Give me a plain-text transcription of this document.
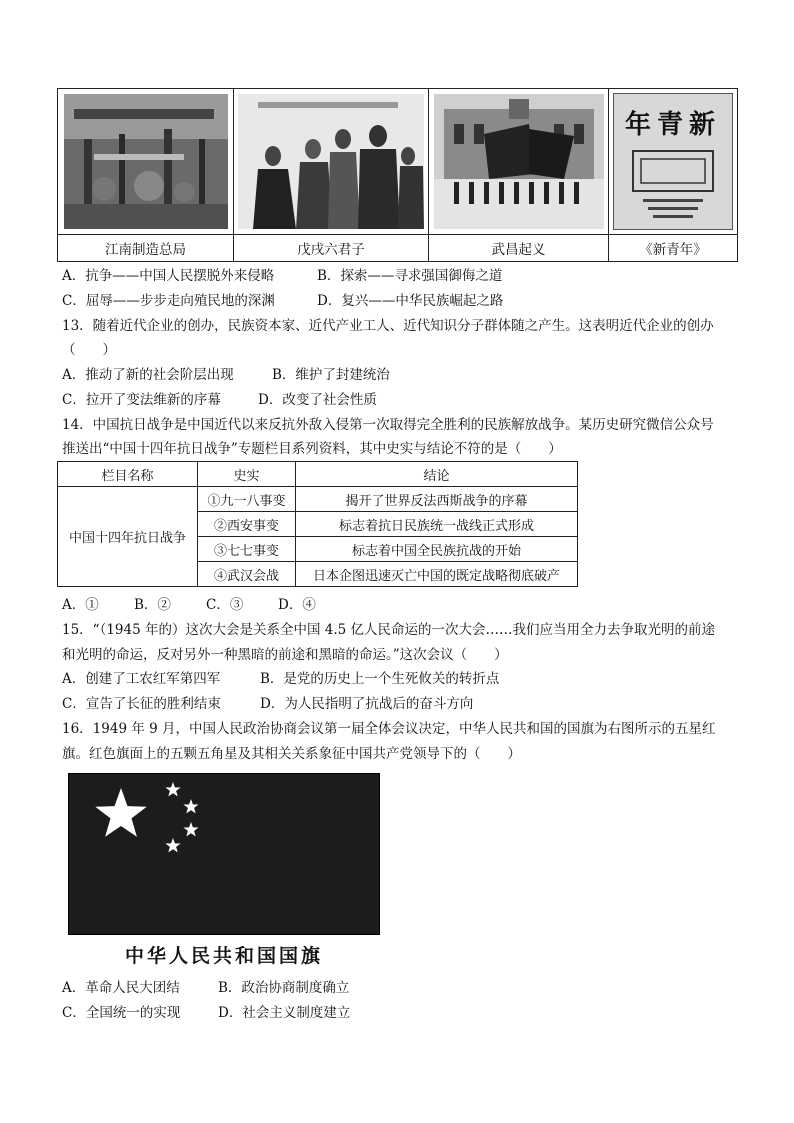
新青年

江南制造总局	戊戌六君子	武昌起义	《新青年》
A．抗争——中国人民摆脱外来侵略	B．探索——寻求强国御侮之道
C．屈辱——步步走向殖民地的深渊	D．复兴——中华民族崛起之路
13．随着近代企业的创办，民族资本家、近代产业工人、近代知识分子群体随之产生。这表明近代企业的创办
（　　）
A．推动了新的社会阶层出现	B．维护了封建统治
C．拉开了变法维新的序幕	D．改变了社会性质
14．中国抗日战争是中国近代以来反抗外敌入侵第一次取得完全胜利的民族解放战争。某历史研究微信公众号
推送出“中国十四年抗日战争”专题栏目系列资料，其中史实与结论不符的是（　　）
栏目名称	史实	结论
中国十四年抗日战争	①九一八事变	揭开了世界反法西斯战争的序幕
	②西安事变	标志着抗日民族统一战线正式形成
	③七七事变	标志着中国全民族抗战的开始
	④武汉会战	日本企图迅速灭亡中国的既定战略彻底破产
A．①	B．②	C．③	D．④
15．“（1945 年的）这次大会是关系全中国 4.5 亿人民命运的一次大会……我们应当用全力去争取光明的前途
和光明的命运，反对另外一种黑暗的前途和黑暗的命运。”这次会议（　　）
A．创建了工农红军第四军	B．是党的历史上一个生死攸关的转折点
C．宣告了长征的胜利结束	D．为人民指明了抗战后的奋斗方向
16．1949 年 9 月，中国人民政治协商会议第一届全体会议决定，中华人民共和国的国旗为右图所示的五星红
旗。红色旗面上的五颗五角星及其相关关系象征中国共产党领导下的（　　）
中华人民共和国国旗
A．革命人民大团结	B．政治协商制度确立
C．全国统一的实现	D．社会主义制度建立
